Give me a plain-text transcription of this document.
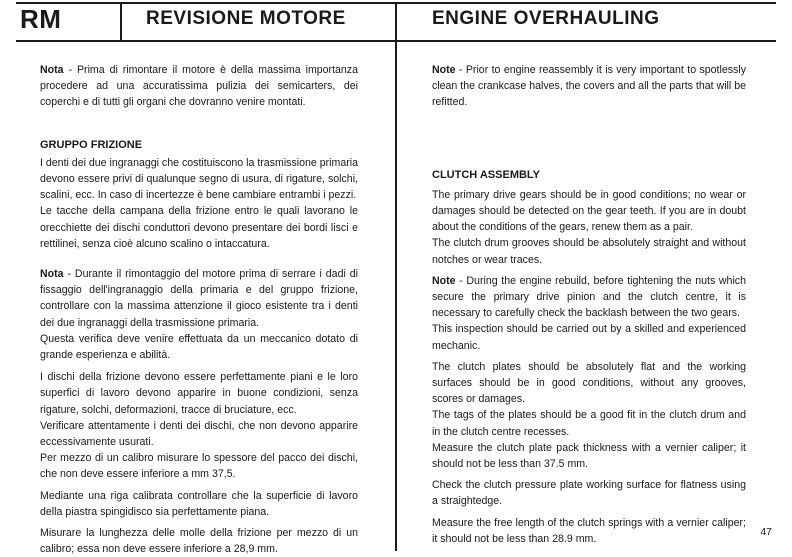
RM	REVISIONE MOTORE	ENGINE OVERHAULING

Nota - Prima di rimontare il motore è della massima importanza procedere ad una accuratissima pulizia dei semicarters, dei coperchi e di tutti gli organi che dovranno venire montati.

GRUPPO FRIZIONE

I denti dei due ingranaggi che costituiscono la trasmissione primaria devono essere privi di qualunque segno di usura, di rigature, solchi, scalini, ecc. In caso di incertezze è bene cambiare entrambi i pezzi.

Le tacche della campana della frizione entro le quali lavorano le orecchiette dei dischi conduttori devono presentare dei bordi lisci e rettilinei, senza cioè alcuno scalino o intaccatura.

Nota - Durante il rimontaggio del motore prima di serrare i dadi di fissaggio dell'ingranaggio della primaria e del gruppo frizione, controllare con la massima attenzione il gioco esistente tra i denti dei due ingranaggi della trasmissione primaria.

Questa verifica deve venire effettuata da un meccanico dotato di grande esperienza e abilità.

I dischi della frizione devono essere perfettamente piani e le loro superfici di lavoro devono apparire in buone condizioni, senza rigature, solchi, deformazioni, tracce di bruciature, ecc.

Verificare attentamente i denti dei dischi, che non devono apparire eccessivamente usurati.

Per mezzo di un calibro misurare lo spessore del pacco dei dischi, che non deve essere inferiore a mm 37,5.

Mediante una riga calibrata controllare che la superficie di lavoro della piastra spingidisco sia perfettamente piana.

Misurare la lunghezza delle molle della frizione per mezzo di un calibro; essa non deve essere inferiore a 28,9 mm.

Note - Prior to engine reassembly it is very important to spotlessly clean the crankcase halves, the covers and all the parts that will be refitted.

CLUTCH ASSEMBLY

The primary drive gears should be in good conditions; no wear or damages should be detected on the gear teeth. If you are in doubt about the conditions of the gears, renew them as a pair.

The clutch drum grooves should be absolutely straight and without notches or wear traces.

Note - During the engine rebuild, before tightening the nuts which secure the primary drive pinion and the clutch centre, it is necessary to carefully check the backlash between the two gears.

This inspection should be carried out by a skilled and experienced mechanic.

The clutch plates should be absolutely flat and the working surfaces should be in good conditions, without any grooves, scores or damages.

The tags of the plates should be a good fit in the clutch drum and in the clutch centre recesses.

Measure the clutch plate pack thickness with a vernier caliper; it should not be less than 37.5 mm.

Check the clutch pressure plate working surface for flatness using a straightedge.

Measure the free length of the clutch springs with a vernier caliper; it should not be less than 28.9 mm.

47
